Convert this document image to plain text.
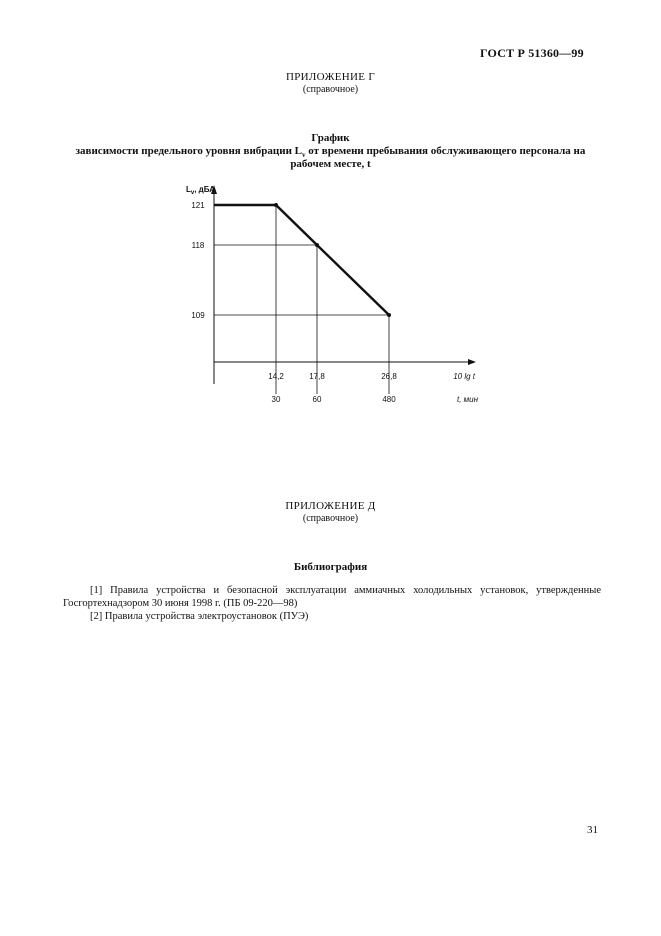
ГОСТ Р 51360—99
ПРИЛОЖЕНИЕ Г
(справочное)
График
зависимости предельного уровня вибрации $L_v$ от времени пребывания обслуживающего персонала на
рабочем месте, t
$L_v$, дБА
121
118
109
14,2
30
17,8
60
26,8
480
10 lg t
t, мин
ПРИЛОЖЕНИЕ Д
(справочное)
Библиография
[1] Правила устройства и безопасной эксплуатации аммиачных холодильных установок, утвержденные Госгортехнадзором 30 июня 1998 г. (ПБ 09-220—98)
[2] Правила устройства электроустановок (ПУЭ)
31
